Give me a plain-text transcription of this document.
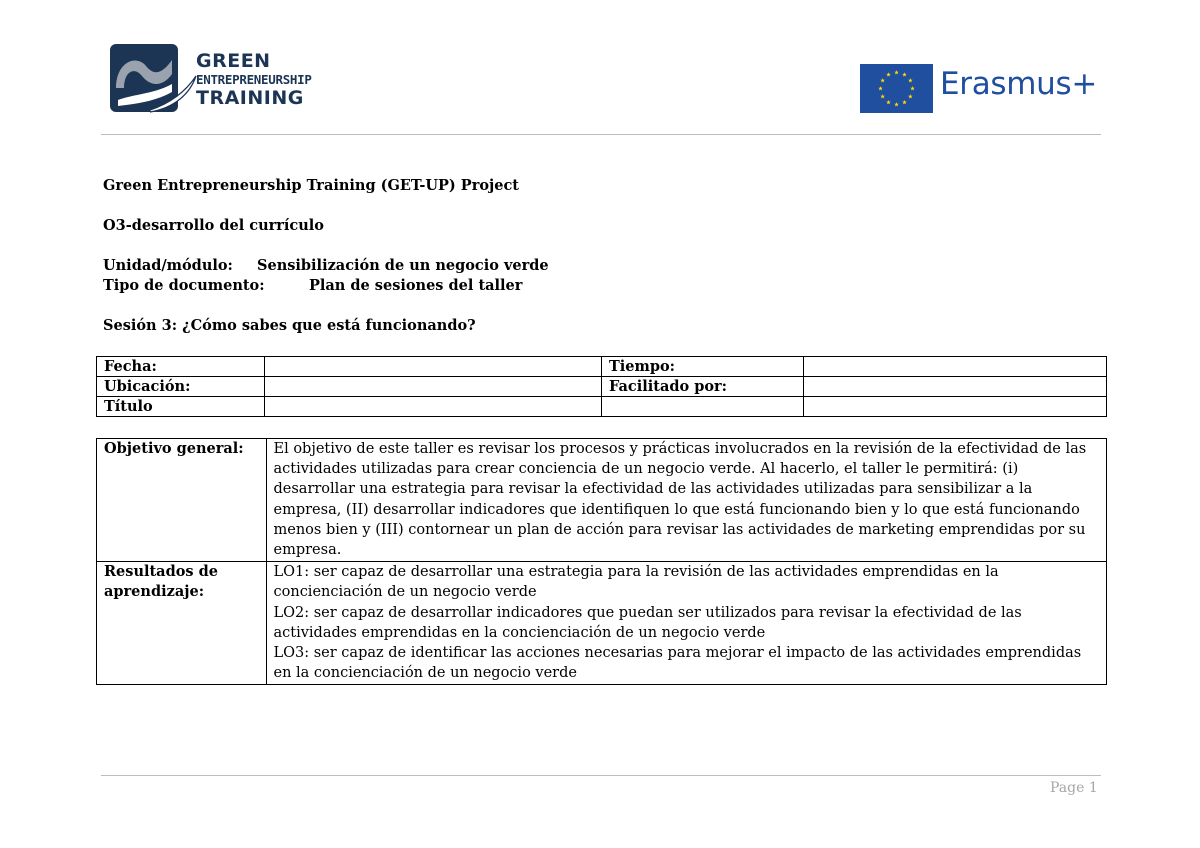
GREEN
ENTREPRENEURSHIP
TRAINING	Erasmus+
Green Entrepreneurship Training (GET-UP) Project
O3-desarrollo del currículo
Unidad/módulo: Sensibilización de un negocio verde
Tipo de documento:	Plan de sesiones del taller
Sesión 3: ¿Cómo sabes que está funcionando?
Fecha:		Tiempo:	
Ubicación:		Facilitado por:	
Título			
Objetivo general:	El objetivo de este taller es revisar los procesos y prácticas involucrados en la revisión de la efectividad de las actividades utilizadas para crear conciencia de un negocio verde. Al hacerlo, el taller le permitirá: (i) desarrollar una estrategia para revisar la efectividad de las actividades utilizadas para sensibilizar a la empresa, (II) desarrollar indicadores que identifiquen lo que está funcionando bien y lo que está funcionando menos bien y (III) contornear un plan de acción para revisar las actividades de marketing emprendidas por su empresa.
Resultados de aprendizaje:	LO1: ser capaz de desarrollar una estrategia para la revisión de las actividades emprendidas en la concienciación de un negocio verde
LO2: ser capaz de desarrollar indicadores que puedan ser utilizados para revisar la efectividad de las actividades emprendidas en la concienciación de un negocio verde
LO3: ser capaz de identificar las acciones necesarias para mejorar el impacto de las actividades emprendidas en la concienciación de un negocio verde
Page 1
